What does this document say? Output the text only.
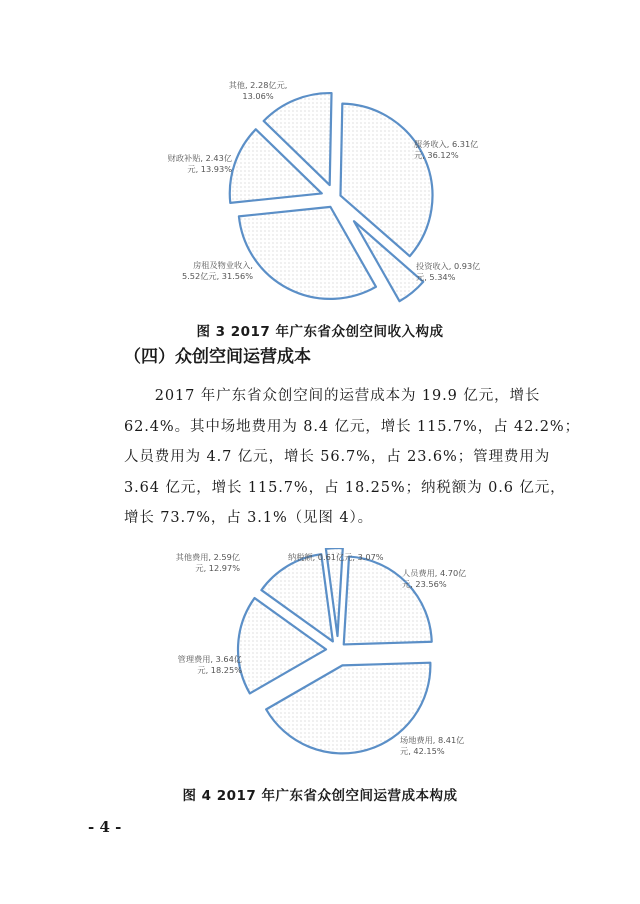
服务收入, 6.31亿元, 36.12%
投资收入, 0.93亿元, 5.34%
房租及物业收入, 5.52亿元, 31.56%
财政补贴, 2.43亿元, 13.93%
其他, 2.28亿元, 13.06%
图 3 2017 年广东省众创空间收入构成
（四）众创空间运营成本
　　2017 年广东省众创空间的运营成本为 19.9 亿元，增长
62.4%。其中场地费用为 8.4 亿元，增长 115.7%，占 42.2%；
人员费用为 4.7 亿元，增长 56.7%，占 23.6%；管理费用为
3.64 亿元，增长 115.7%，占 18.25%；纳税额为 0.6 亿元，
增长 73.7%，占 3.1%（见图 4）。
人员费用, 4.70亿元, 23.56%
场地费用, 8.41亿元, 42.15%
管理费用, 3.64亿元, 18.25%
其他费用, 2.59亿元, 12.97%
纳税额, 0.61亿元, 3.07%
图 4 2017 年广东省众创空间运营成本构成
- 4 -
